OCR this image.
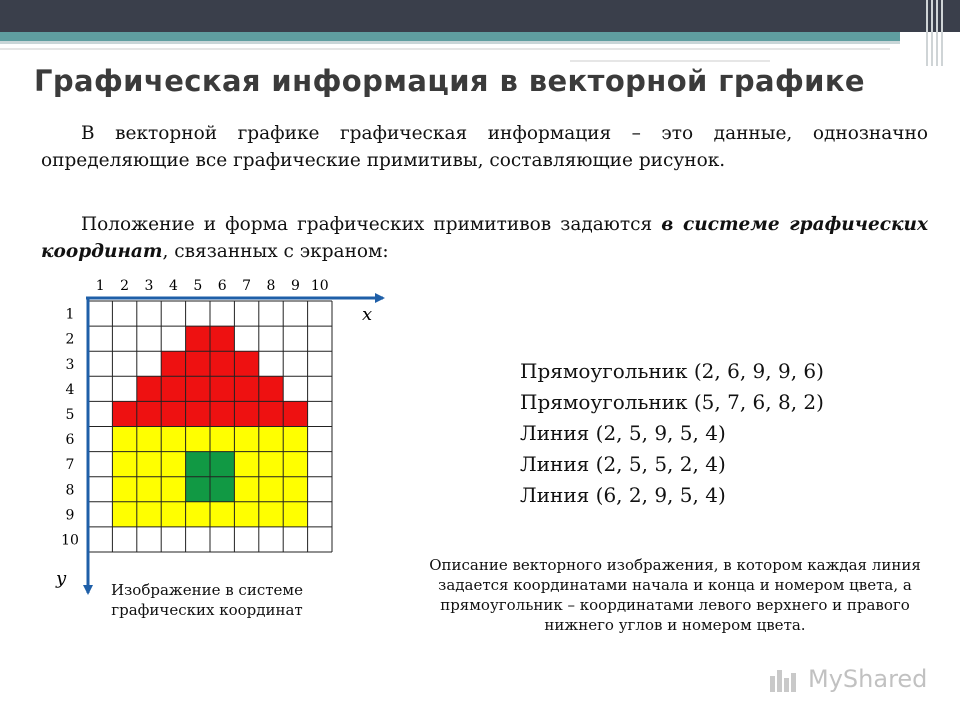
Графическая информация в векторной графике

В векторной графике графическая информация – это данные, однозначно определяющие все графические примитивы, составляющие рисунок.

Положение и форма графических примитивов задаются в системе графических координат, связанных с экраном:

1 2 3 4 5 6 7 8 9 10
1
2
3
4
5
6
7
8
9
10
x
y
Прямоугольник (2, 6, 9, 9, 6)
Прямоугольник (5, 7, 6, 8, 2)
Линия (2, 5, 9, 5, 4)
Линия (2, 5, 5, 2, 4)
Линия (6, 2, 9, 5, 4)

Изображение в системе графических координат

Описание векторного изображения, в котором каждая линия задается координатами начала и конца и номером цвета, а прямоугольник – координатами левого верхнего и правого нижнего углов и номером цвета.

MyShared
